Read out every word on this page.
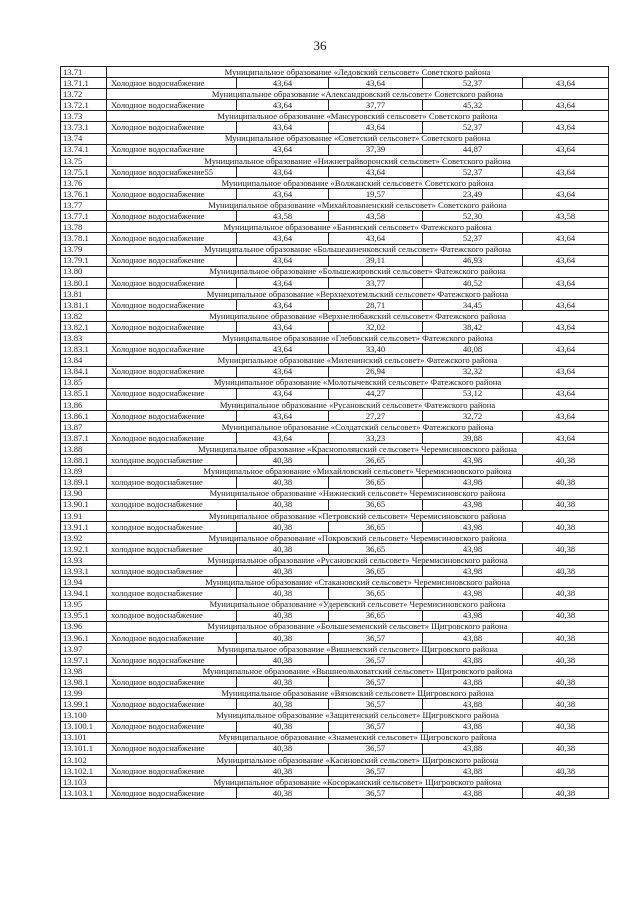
36
13.71	Муниципальное образование «Ледовский сельсовет» Советского района				
13.71.1	Холодное водоснабжение	43,64	43,64	52,37	43,64
13.72	Муниципальное образование «Александровский сельсовет» Советского района				
13.72.1	Холодное водоснабжение	43,64	37,77	45,32	43,64
13.73	Муниципальное образование «Мансуровский сельсовет» Советского района				
13.73.1	Холодное водоснабжение	43,64	43,64	52,37	43,64
13.74	Муниципальное образование «Советский сельсовет» Советского района				
13.74.1	Холодное водоснабжение	43,64	37,39	44,87	43,64
13.75	Муниципальное образование «Нижнеграйворонский сельсовет» Советского района				
13.75.1	Холодное водоснабжение55	43,64	43,64	52,37	43,64
13.76	Муниципальное образование «Волжанский сельсовет» Советского района				
13.76.1	Холодное водоснабжение	43,64	19,57	23,49	43,64
13.77	Муниципальное образование «Михайлоанненский сельсовет» Советского района				
13.77.1	Холодное водоснабжение	43,58	43,58	52,30	43,58
13.78	Муниципальное образование «Банинский сельсовет» Фатежского района				
13.78.1	Холодное водоснабжение	43,64	43,64	52,37	43,64
13.79	Муниципальное образование «Большеанненковский сельсовет» Фатежского района				
13.79.1	Холодное водоснабжение	43,64	39,11	46,93	43,64
13.80	Муниципальное образование «Большежировский сельсовет» Фатежского района				
13.80.1	Холодное водоснабжение	43,64	33,77	40,52	43,64
13.81	Муниципальное образование «Верхнехотемльский сельсовет» Фатежского района				
13.81.1	Холодное водоснабжение	43,64	28,71	34,45	43,64
13.82	Муниципальное образование «Верхнелюбажский сельсовет» Фатежского района				
13.82.1	Холодное водоснабжение	43,64	32,02	38,42	43,64
13.83	Муниципальное образование «Глебовский сельсовет» Фатежского района				
13.83.1	Холодное водоснабжение	43,64	33,40	40,08	43,64
13.84	Муниципальное образование «Миленинский сельсовет» Фатежского района				
13.84.1	Холодное водоснабжение	43,64	26,94	32,32	43,64
13.85	Муниципальное образование «Молотычевский сельсовет» Фатежского района				
13.85.1	Холодное водоснабжение	43,64	44,27	53,12	43,64
13.86	Муниципальное образование «Русановский сельсовет» Фатежского района				
13.86.1	Холодное водоснабжение	43,64	27,27	32,72	43,64
13.87	Муниципальное образование «Солдатский сельсовет» Фатежского района				
13.87.1	Холодное водоснабжение	43,64	33,23	39,88	43,64
13.88	Муниципальное образование «Краснополянский сельсовет» Черемисиновского района				
13.88.1	холодное водоснабжение	40,38	36,65	43,98	40,38
13.89	Муниципальное образование «Михайловский сельсовет» Черемисиновского района				
13.89.1	холодное водоснабжение	40,38	36,65	43,98	40,38
13.90	Муниципальное образование «Нижнеский сельсовет» Черемисиновского района				
13.90.1	холодное водоснабжение	40,38	36,65	43,98	40,38
13.91	Муниципальное образование «Петровский сельсовет» Черемисиновского района				
13.91.1	холодное водоснабжение	40,38	36,65	43,98	40,38
13.92	Муниципальное образование «Покровский сельсовет» Черемисиновского района				
13.92.1	холодное водоснабжение	40,38	36,65	43,98	40,38
13.93	Муниципальное образование «Русановский сельсовет» Черемисиновского района				
13.93.1	холодное водоснабжение	40,38	36,65	43,98	40,38
13.94	Муниципальное образование «Стакановский сельсовет» Черемисиновского района				
13.94.1	холодное водоснабжение	40,38	36,65	43,98	40,38
13.95	Муниципальное образование «Удеревский сельсовет» Черемисиновского района				
13.95.1	холодное водоснабжение	40,38	36,65	43,98	40,38
13.96	Муниципальное образование «Большеземенский сельсовет» Щигровского района				
13.96.1	Холодное водоснабжение	40,38	36,57	43,88	40,38
13.97	Муниципальное образование «Вишневский сельсовет» Щигровского района				
13.97.1	Холодное водоснабжение	40,38	36,57	43,88	40,38
13.98	Муниципальное образование «Вышнеольховатский сельсовет» Щигровского района				
13.98.1	Холодное водоснабжение	40,38	36,57	43,88	40,38
13.99	Муниципальное образование «Вязовский сельсовет» Щигровского района				
13.99.1	Холодное водоснабжение	40,38	36,57	43,88	40,38
13.100	Муниципальное образование «Защитенский сельсовет» Щигровского района				
13.100.1	Холодное водоснабжение	40,38	36,57	43,88	40,38
13.101	Муниципальное образование «Знаменский сельсовет» Щигровского района				
13.101.1	Холодное водоснабжение	40,38	36,57	43,88	40,38
13.102	Муниципальное образование «Касиновский сельсовет» Щигровского района				
13.102.1	Холодное водоснабжение	40,38	36,57	43,88	40,38
13.103	Муниципальное образование «Косоржанский сельсовет» Щигровского района				
13.103.1	Холодное водоснабжение	40,38	36,57	43,88	40,38
